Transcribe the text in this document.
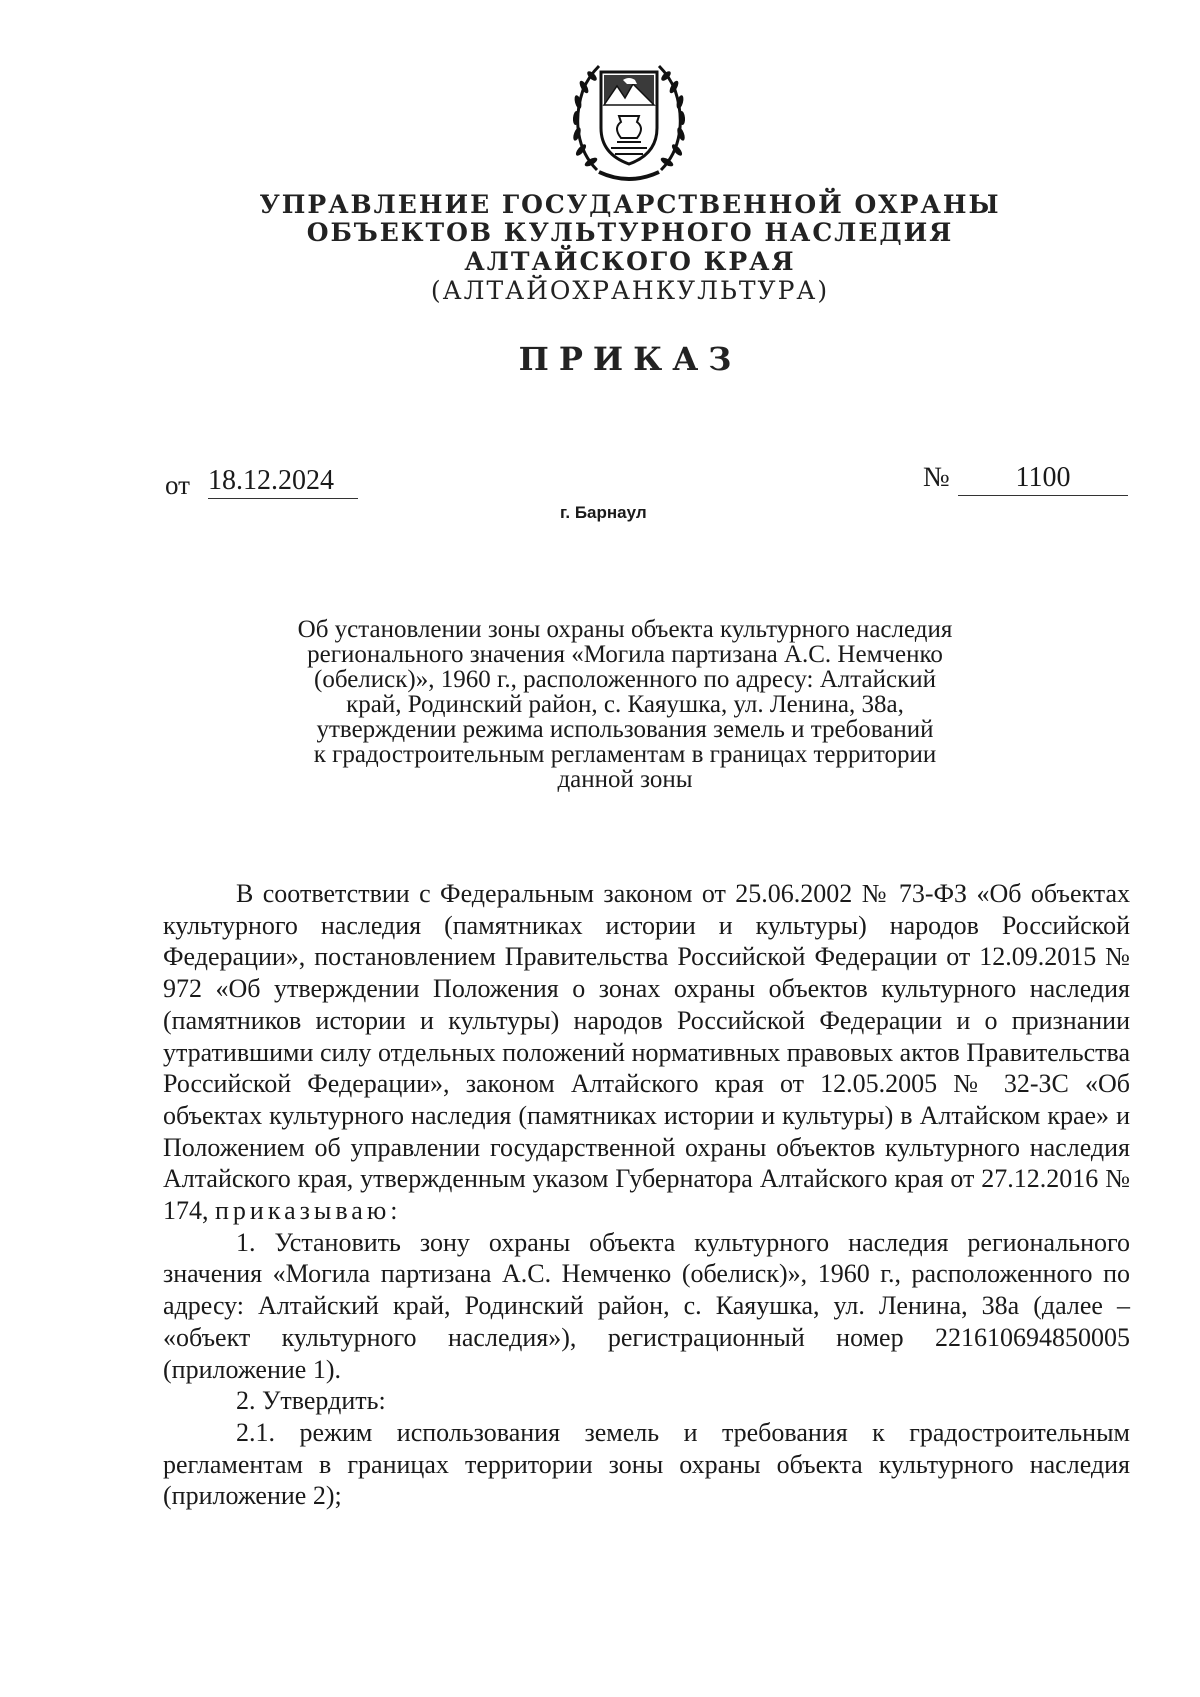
УПРАВЛЕНИЕ ГОСУДАРСТВЕННОЙ ОХРАНЫ
ОБЪЕКТОВ КУЛЬТУРНОГО НАСЛЕДИЯ
АЛТАЙСКОГО КРАЯ
(АЛТАЙОХРАНКУЛЬТУРА)
ПРИКАЗ
от 18.12.2024	№	1100
г. Барнаул
Об установлении зоны охраны объекта культурного наследия
регионального значения «Могила партизана А.С. Немченко
(обелиск)», 1960 г., расположенного по адресу: Алтайский
край, Родинский район, с. Каяушка, ул. Ленина, 38а,
утверждении режима использования земель и требований
к градостроительным регламентам в границах территории
данной зоны

В соответствии с Федеральным законом от 25.06.2002 № 73-ФЗ «Об объектах культурного наследия (памятниках истории и культуры) народов Российской Федерации», постановлением Правительства Российской Федерации от 12.09.2015 № 972 «Об утверждении Положения о зонах охраны объектов культурного наследия (памятников истории и культуры) народов Российской Федерации и о признании утратившими силу отдельных положений нормативных правовых актов Правительства Российской Федерации», законом Алтайского края от 12.05.2005 № 32-ЗС «Об объектах культурного наследия (памятниках истории и культуры) в Алтайском крае» и Положением об управлении государственной охраны объектов культурного наследия Алтайского края, утвержденным указом Губернатора Алтайского края от 27.12.2016 № 174, приказываю:

1. Установить зону охраны объекта культурного наследия регионального значения «Могила партизана А.С. Немченко (обелиск)», 1960 г., расположенного по адресу: Алтайский край, Родинский район, с. Каяушка, ул. Ленина, 38а (далее – «объект культурного наследия»), регистрационный номер 221610694850005 (приложение 1).

2. Утвердить:

2.1. режим использования земель и требования к градостроительным регламентам в границах территории зоны охраны объекта культурного наследия (приложение 2);
